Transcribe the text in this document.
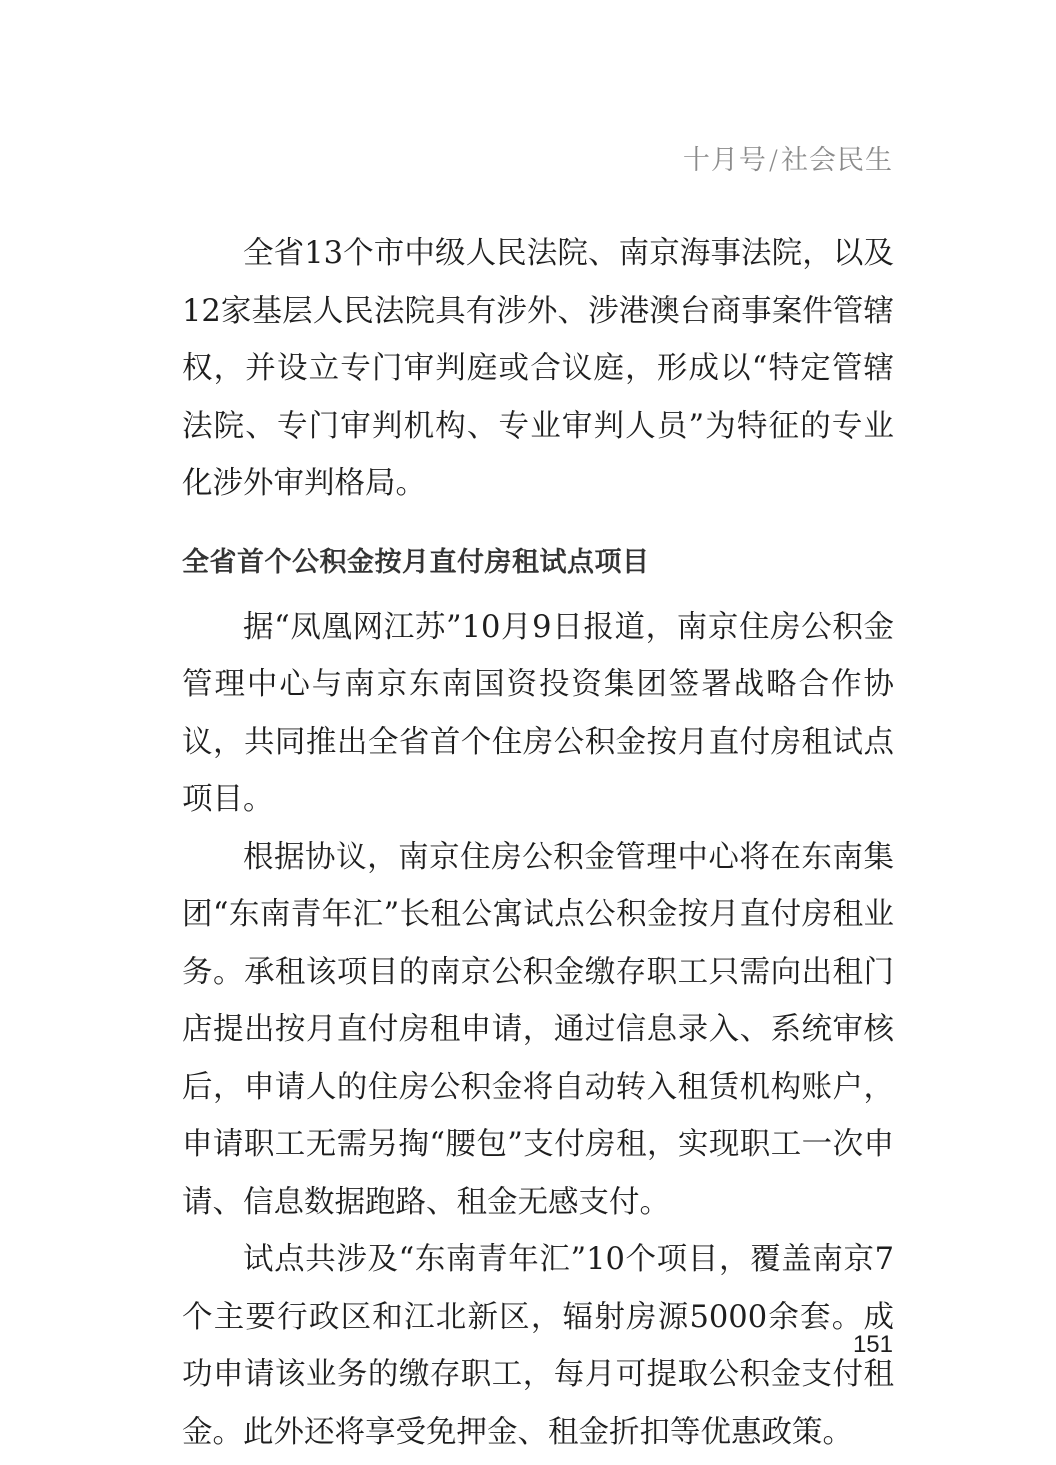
十月号/社会民生

全省13个市中级人民法院、南京海事法院，以及12家基层人民法院具有涉外、涉港澳台商事案件管辖权，并设立专门审判庭或合议庭，形成以“特定管辖法院、专门审判机构、专业审判人员”为特征的专业化涉外审判格局。

全省首个公积金按月直付房租试点项目

据“凤凰网江苏”10月9日报道，南京住房公积金管理中心与南京东南国资投资集团签署战略合作协议，共同推出全省首个住房公积金按月直付房租试点项目。

根据协议，南京住房公积金管理中心将在东南集团“东南青年汇”长租公寓试点公积金按月直付房租业务。承租该项目的南京公积金缴存职工只需向出租门店提出按月直付房租申请，通过信息录入、系统审核后，申请人的住房公积金将自动转入租赁机构账户，申请职工无需另掏“腰包”支付房租，实现职工一次申请、信息数据跑路、租金无感支付。

试点共涉及“东南青年汇”10个项目，覆盖南京7个主要行政区和江北新区，辐射房源5000余套。成功申请该业务的缴存职工，每月可提取公积金支付租金。此外还将享受免押金、租金折扣等优惠政策。

151
